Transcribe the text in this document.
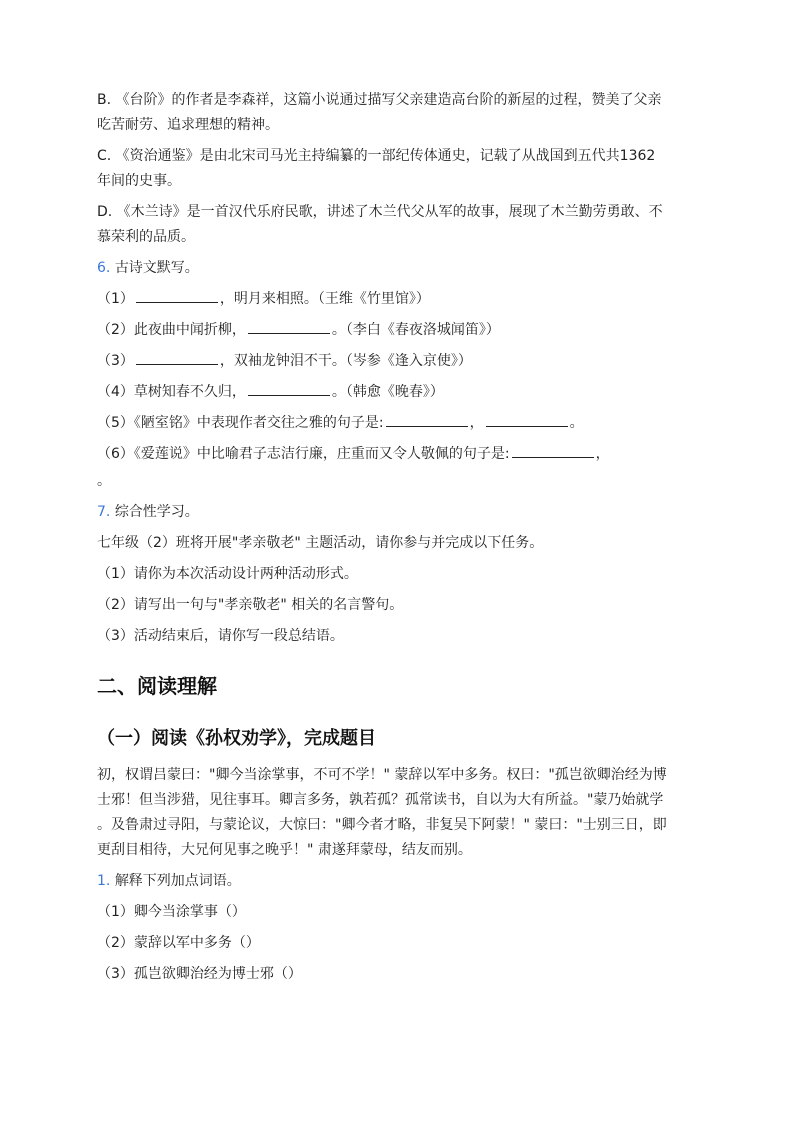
B. 《台阶》的作者是李森祥，这篇小说通过描写父亲建造高台阶的新屋的过程，赞美了父亲

吃苦耐劳、追求理想的精神。

C. 《资治通鉴》是由北宋司马光主持编纂的一部纪传体通史，记载了从战国到五代共1362

年间的史事。

D. 《木兰诗》是一首汉代乐府民歌，讲述了木兰代父从军的故事，展现了木兰勤劳勇敢、不

慕荣利的品质。

6. 古诗文默写。

（1）	，明月来相照。（王维《竹里馆》）

（2）此夜曲中闻折柳，	。（李白《春夜洛城闻笛》）

（3）	，双袖龙钟泪不干。（岑参《逢入京使》）

（4）草树知春不久归，	。（韩愈《晚春》）

（5）《陋室铭》中表现作者交往之雅的句子是:	，	。

（6）《爱莲说》中比喻君子志洁行廉，庄重而又令人敬佩的句子是:	，

。

7. 综合性学习。

七年级（2）班将开展"孝亲敬老" 主题活动，请你参与并完成以下任务。

（1）请你为本次活动设计两种活动形式。

（2）请写出一句与"孝亲敬老" 相关的名言警句。

（3）活动结束后，请你写一段总结语。

二、阅读理解
（一）阅读《孙权劝学》，完成题目

初，权谓吕蒙曰："卿今当涂掌事，不可不学！" 蒙辞以军中多务。权曰："孤岂欲卿治经为博

士邪！但当涉猎，见往事耳。卿言多务，孰若孤？孤常读书，自以为大有所益。"蒙乃始就学

。及鲁肃过寻阳，与蒙论议，大惊曰："卿今者才略，非复吴下阿蒙！" 蒙曰："士别三日，即

更刮目相待，大兄何见事之晚乎！" 肃遂拜蒙母，结友而别。

1. 解释下列加点词语。

（1）卿今当涂掌事（）

（2）蒙辞以军中多务（）

（3）孤岂欲卿治经为博士邪（）
